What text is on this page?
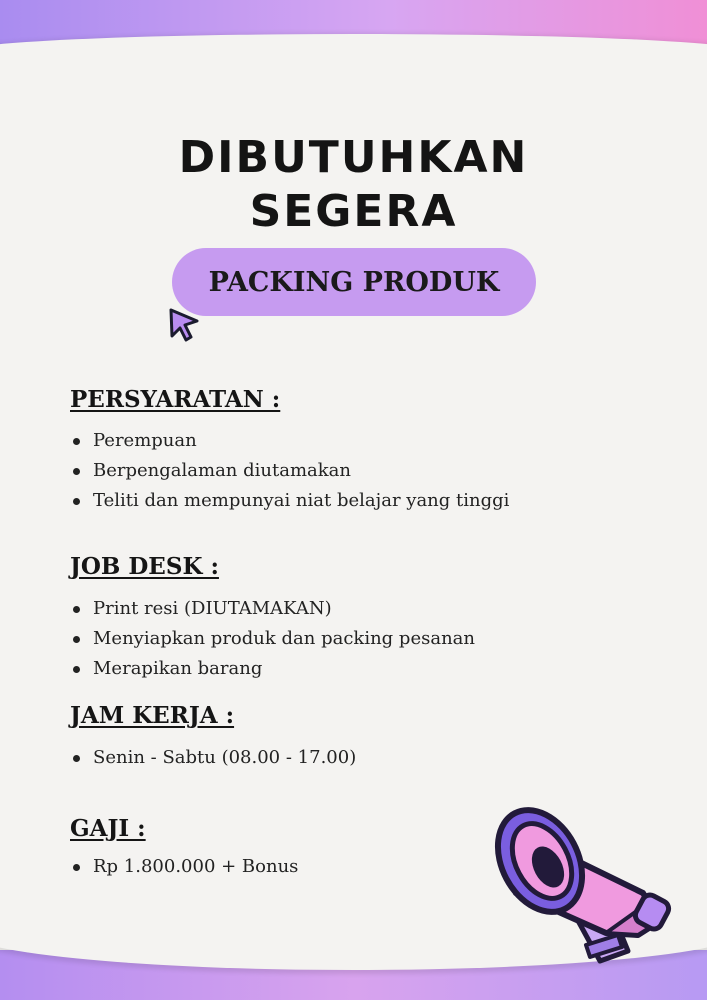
DIBUTUHKAN
SEGERA
PACKING PRODUK
PERSYARATAN :
Perempuan
Berpengalaman diutamakan
Teliti dan mempunyai niat belajar yang tinggi
JOB DESK :
Print resi (DIUTAMAKAN)
Menyiapkan produk dan packing pesanan
Merapikan barang
JAM KERJA :
Senin - Sabtu (08.00 - 17.00)
GAJI :
Rp 1.800.000 + Bonus
